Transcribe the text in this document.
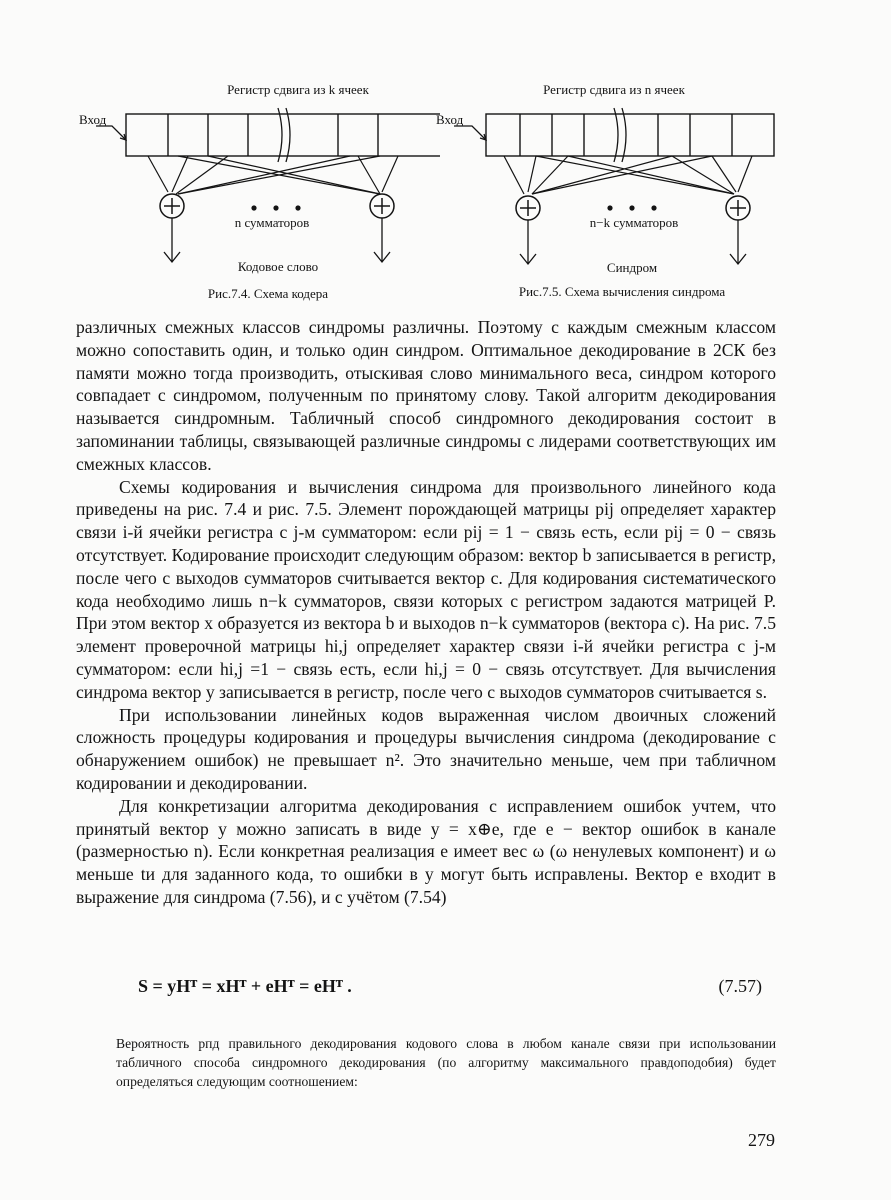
Регистр сдвига из k ячеек
Вход
n сумматоров
Кодовое слово
Рис.7.4. Схема кодера
Регистр сдвига из n ячеек
Вход
n−k сумматоров
Синдром
Рис.7.5. Схема вычисления синдрома

различных смежных классов синдромы различны. Поэтому с каждым смежным классом можно сопоставить один, и только один синдром. Оптимальное декодирование в 2СК без памяти можно тогда производить, отыскивая слово минимального веса, синдром которого совпадает с синдромом, полученным по принятому слову. Такой алгоритм декодирования называется синдромным. Табличный способ синдромного декодирования состоит в запоминании таблицы, связывающей различные синдромы с лидерами соответствующих им смежных классов.

Схемы кодирования и вычисления синдрома для произвольного линейного кода приведены на рис. 7.4 и рис. 7.5. Элемент порождающей матрицы pij определяет характер связи i-й ячейки регистра с j-м сумматором: если pij = 1 − связь есть, если pij = 0 − связь отсутствует. Кодирование происходит следующим образом: вектор b записывается в регистр, после чего с выходов сумматоров считывается вектор c. Для кодирования систематического кода необходимо лишь n−k сумматоров, связи которых с регистром задаются матрицей P. При этом вектор x образуется из вектора b и выходов n−k сумматоров (вектора c). На рис. 7.5 элемент проверочной матрицы hi,j определяет характер связи i-й ячейки регистра с j-м сумматором: если hi,j =1 − связь есть, если hi,j = 0 − связь отсутствует. Для вычисления синдрома вектор y записывается в регистр, после чего с выходов сумматоров считывается s.

При использовании линейных кодов выраженная числом двоичных сложений сложность процедуры кодирования и процедуры вычисления синдрома (декодирование с обнаружением ошибок) не превышает n². Это значительно меньше, чем при табличном кодировании и декодировании.

Для конкретизации алгоритма декодирования с исправлением ошибок учтем, что принятый вектор y можно записать в виде y = x⊕e, где e − вектор ошибок в канале (размерностью n). Если конкретная реализация e имеет вес ω (ω ненулевых компонент) и ω меньше tи для заданного кода, то ошибки в y могут быть исправлены. Вектор e входит в выражение для синдрома (7.56), и с учётом (7.54)

S = yHᵀ = xHᵀ + eHᵀ = eHᵀ .	(7.57)

Вероятность pпд правильного декодирования кодового слова в любом канале связи при использовании табличного способа синдромного декодирования (по алгоритму максимального правдоподобия) будет определяться следующим соотношением:

279
